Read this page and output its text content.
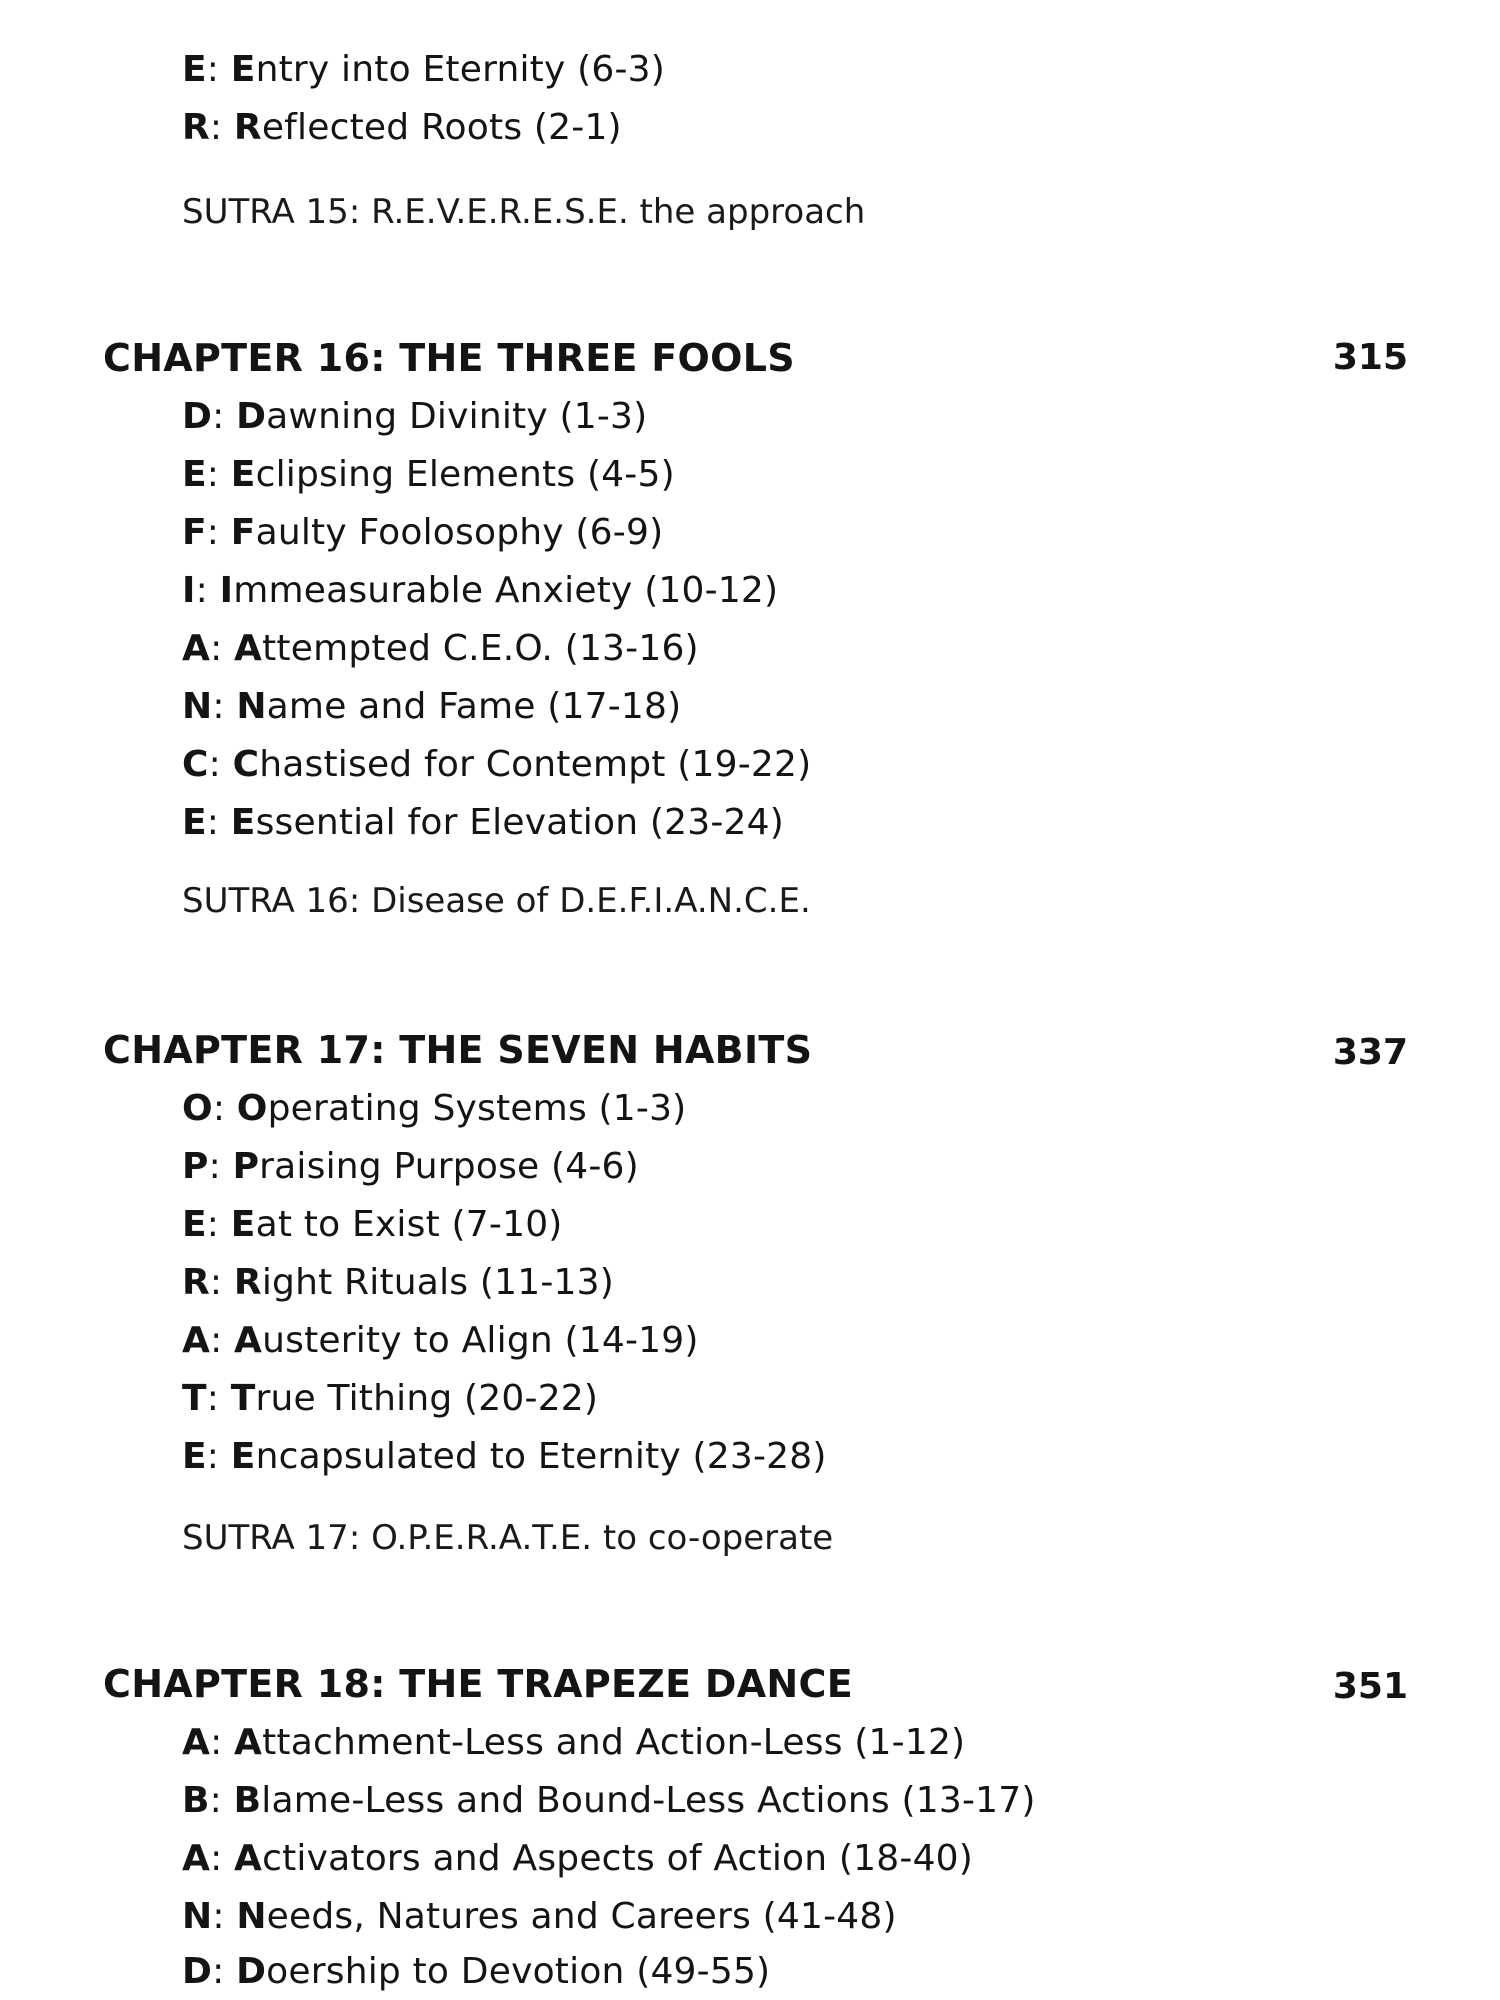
E: Entry into Eternity (6-3)
R: Reflected Roots (2-1)
SUTRA 15: R.E.V.E.R.E.S.E. the approach
CHAPTER 16: THE THREE FOOLS	315
D: Dawning Divinity (1-3)
E: Eclipsing Elements (4-5)
F: Faulty Foolosophy (6-9)
I: Immeasurable Anxiety (10-12)
A: Attempted C.E.O. (13-16)
N: Name and Fame (17-18)
C: Chastised for Contempt (19-22)
E: Essential for Elevation (23-24)
SUTRA 16: Disease of D.E.F.I.A.N.C.E.
CHAPTER 17: THE SEVEN HABITS	337
O: Operating Systems (1-3)
P: Praising Purpose (4-6)
E: Eat to Exist (7-10)
R: Right Rituals (11-13)
A: Austerity to Align (14-19)
T: True Tithing (20-22)
E: Encapsulated to Eternity (23-28)
SUTRA 17: O.P.E.R.A.T.E. to co-operate
CHAPTER 18: THE TRAPEZE DANCE	351
A: Attachment-Less and Action-Less (1-12)
B: Blame-Less and Bound-Less Actions (13-17)
A: Activators and Aspects of Action (18-40)
N: Needs, Natures and Careers (41-48)
D: Doership to Devotion (49-55)
